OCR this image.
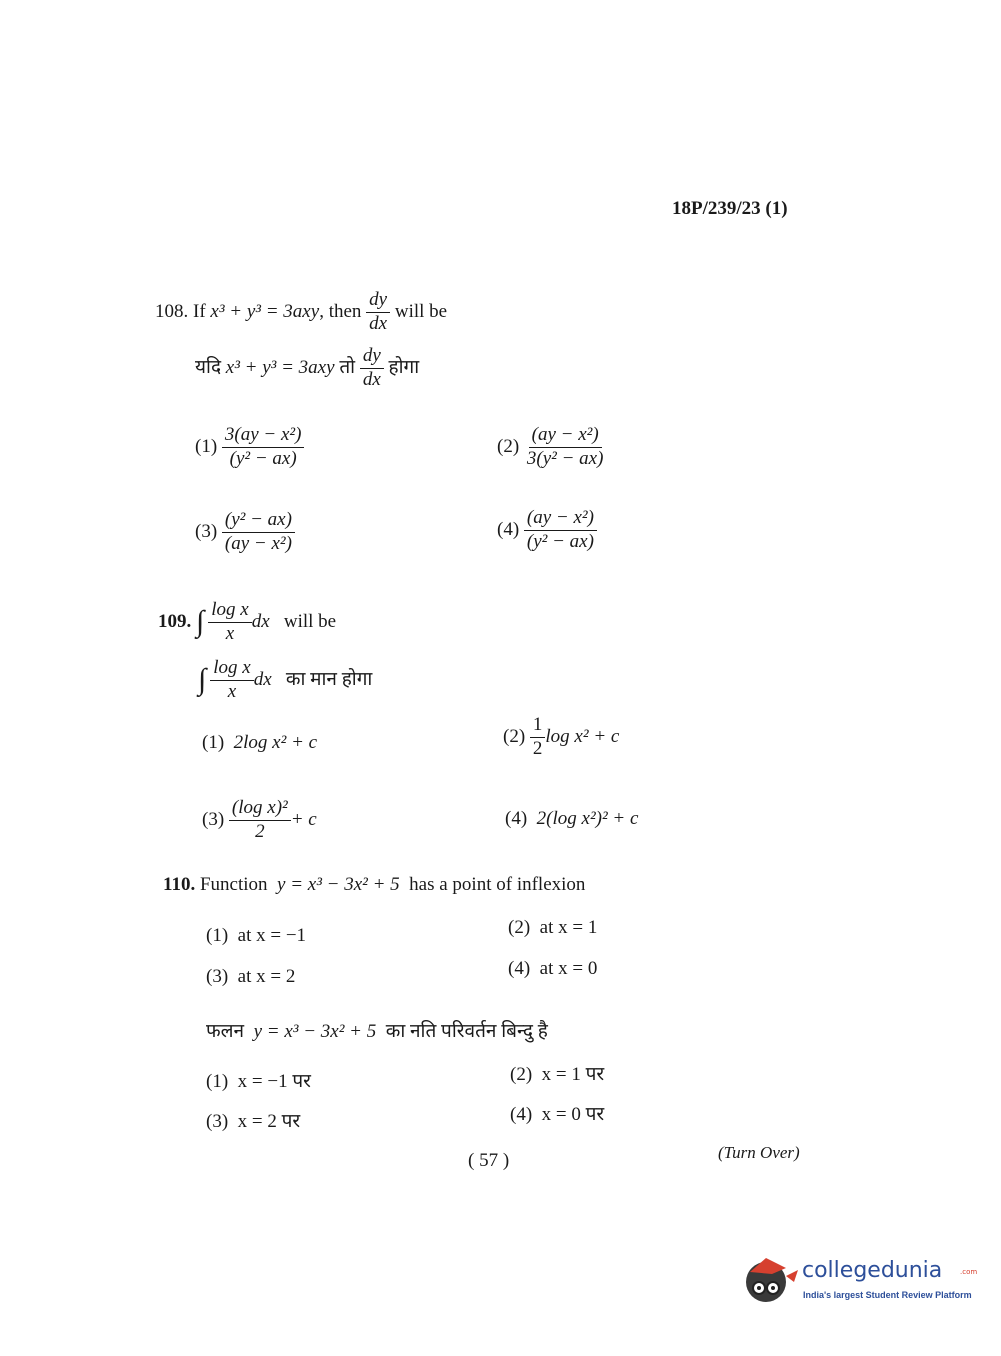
18P/239/23 (1)
108. If x³ + y³ = 3axy, then $\frac{dy}{dx}$ will be
यदि x³ + y³ = 3axy तो $\frac{dy}{dx}$ होगा
$(1) \frac{\text{3(ay − x²)}}{\text{(y² − ax)}}$	$(2) \frac{\text{(ay − x²)}}{\text{3(y² − ax)}}$
$(3) \frac{\text{(y² − ax)}}{\text{(ay − x²)}}$	$(4) \frac{\text{(ay − x²)}}{\text{(y² − ax)}}$
109. ∫ $\frac{\text{log x}}{x}$ dx will be
∫ $\frac{\text{log x}}{x}$ dx का मान होगा
(1) 2log x² + c	$(2) \frac{1}{2}$ log x² + c
$(3) \frac{\text{(log x)²}}{2} + c$	(4) 2(log x²)² + c
110. Function y = x³ − 3x² + 5 has a point of inflexion
(1) at x = −1	(2) at x = 1
(3) at x = 2	(4) at x = 0
फलन y = x³ − 3x² + 5 का नति परिवर्तन बिन्दु है
(1) x = −1 पर	(2) x = 1 पर
(3) x = 2 पर	(4) x = 0 पर
( 57 )	(Turn Over)
collegedunia	.com
India's largest Student Review Platform
